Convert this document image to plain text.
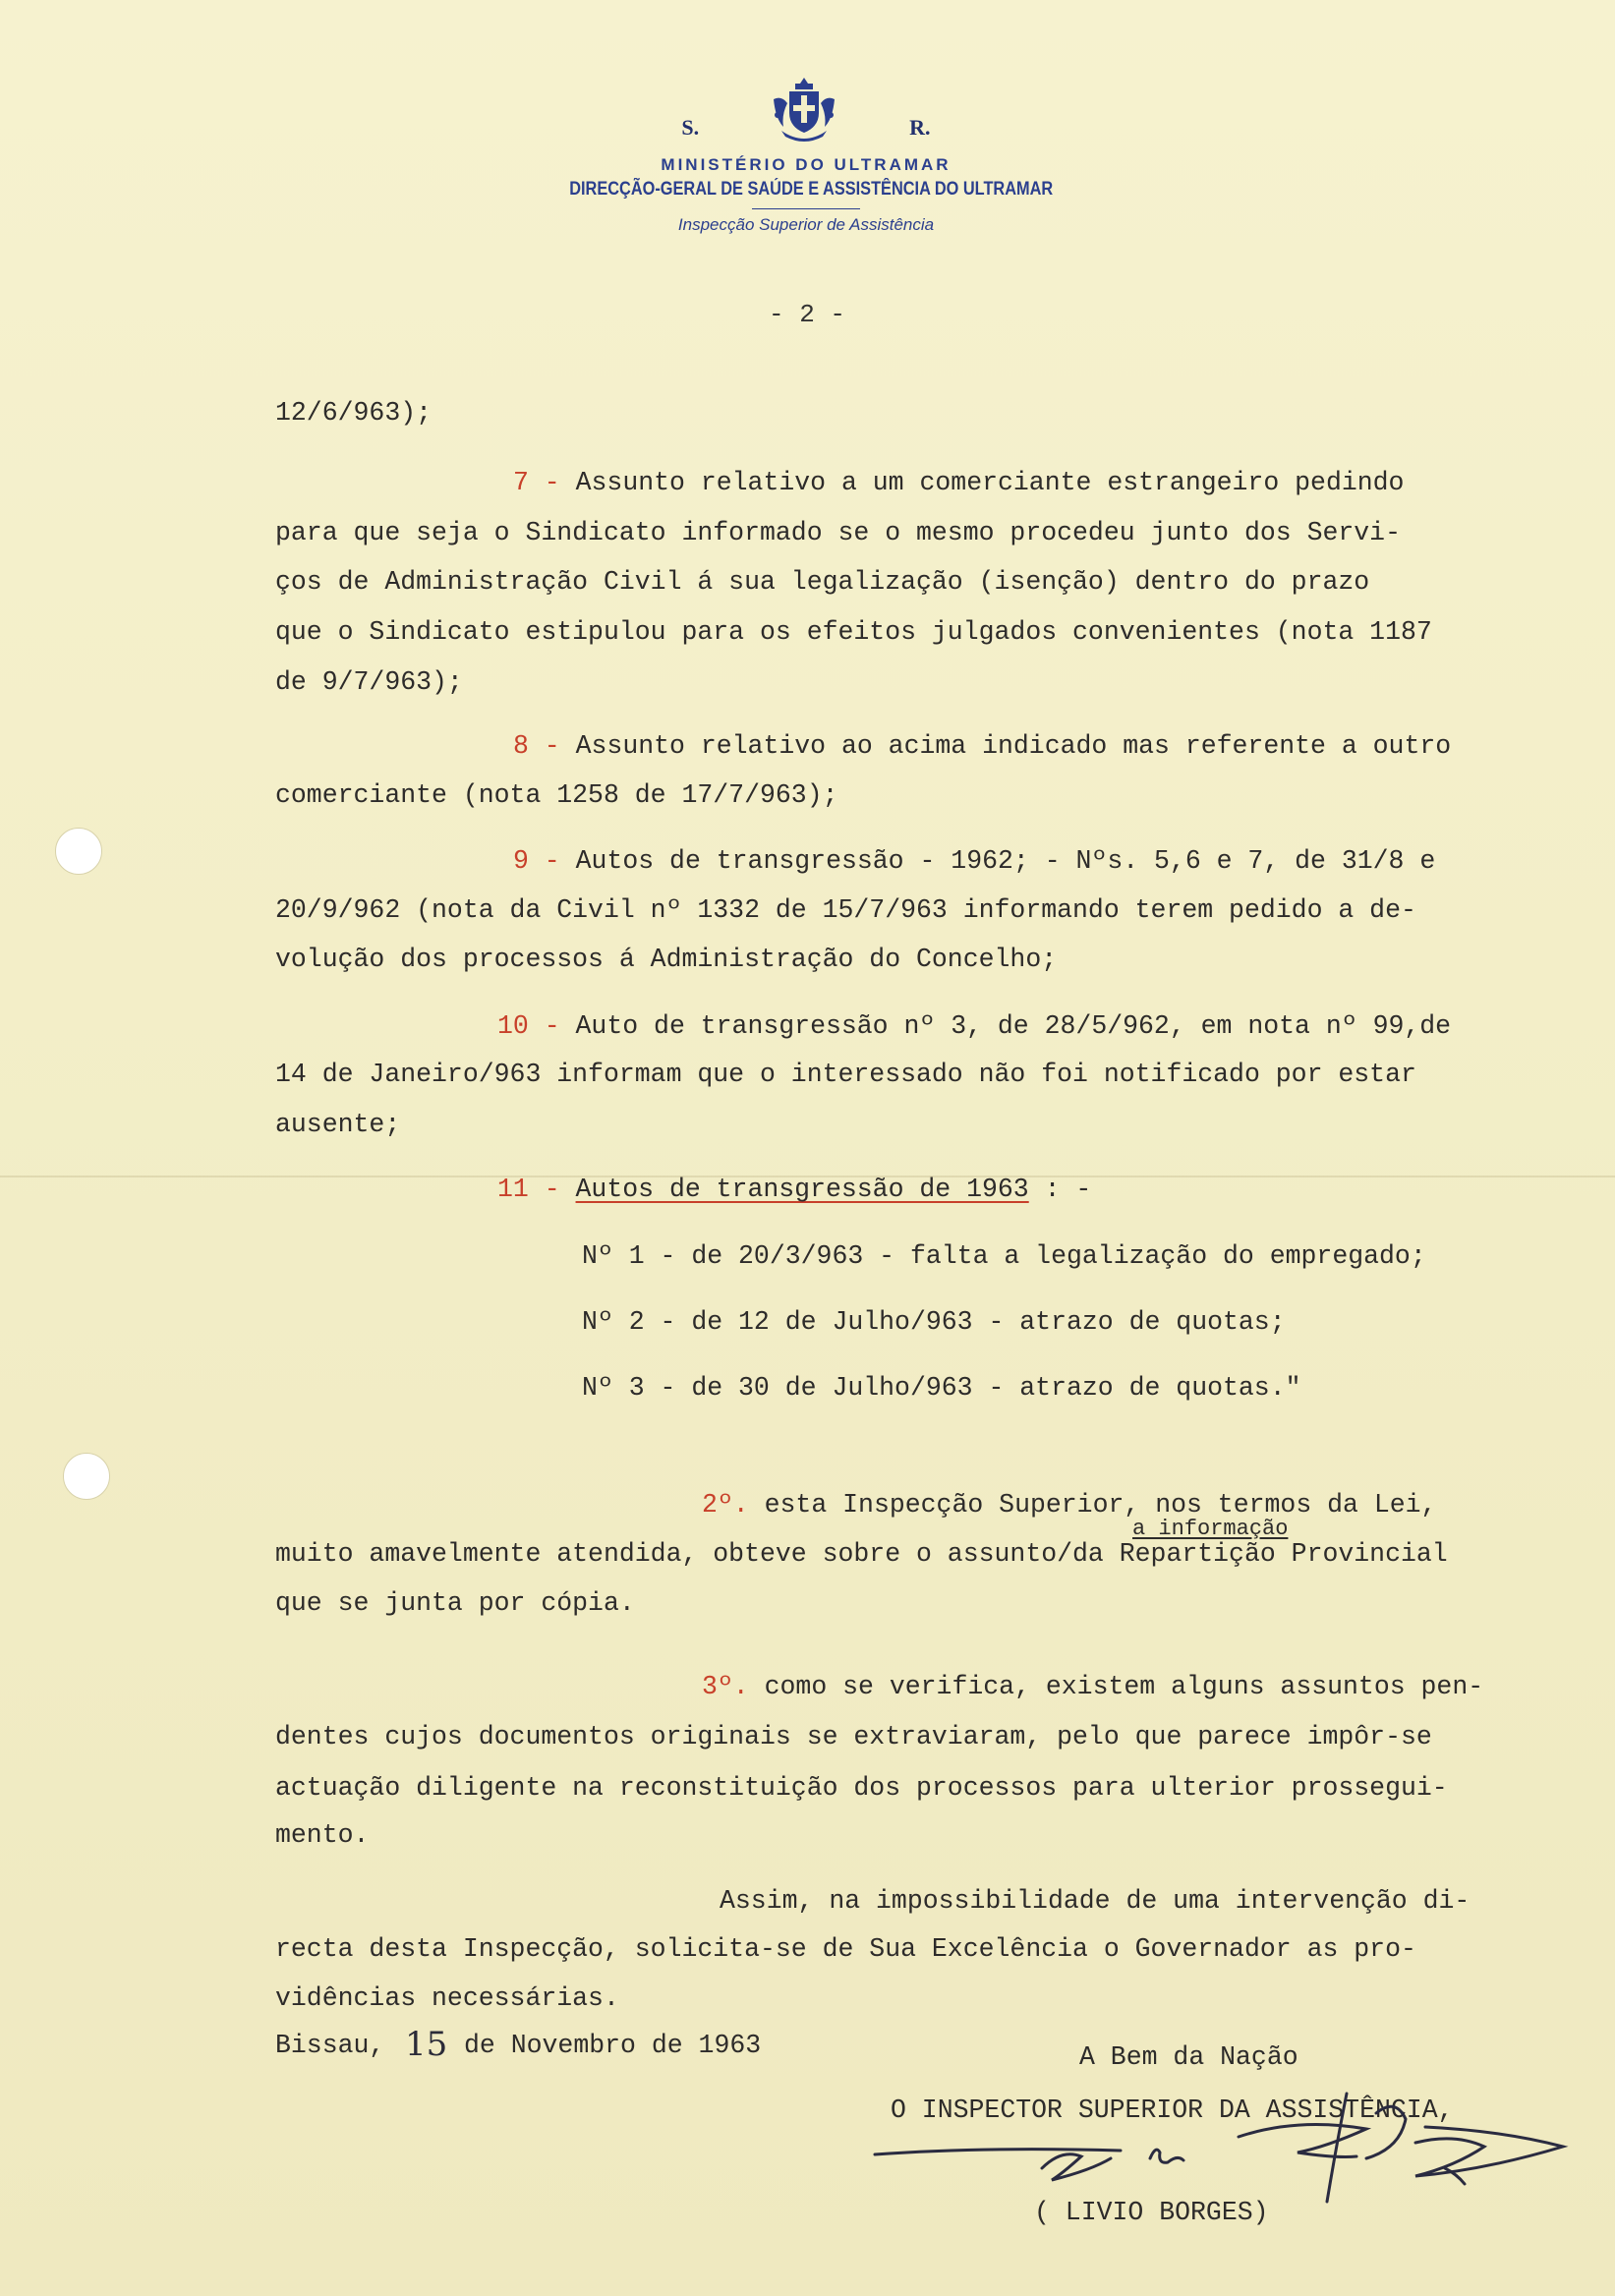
S.	R.
MINISTÉRIO DO ULTRAMAR
DIRECÇÃO-GERAL DE SAÚDE E ASSISTÊNCIA DO ULTRAMAR
Inspecção Superior de Assistência
- 2 -
12/6/963);
7 - Assunto relativo a um comerciante estrangeiro pedindo
para que seja o Sindicato informado se o mesmo procedeu junto dos Servi-
ços de Administração Civil á sua legalização (isenção) dentro do prazo
que o Sindicato estipulou para os efeitos julgados convenientes (nota 1187
de 9/7/963);
8 - Assunto relativo ao acima indicado mas referente a outro
comerciante (nota 1258 de 17/7/963);
9 - Autos de transgressão - 1962; - Nºs. 5,6 e 7, de 31/8 e
20/9/962 (nota da Civil nº 1332 de 15/7/963 informando terem pedido a de-
volução dos processos á Administração do Concelho;
10 - Auto de transgressão nº 3, de 28/5/962, em nota nº 99,de
14 de Janeiro/963 informam que o interessado não foi notificado por estar
ausente;
11 - Autos de transgressão de 1963 : -
Nº 1 - de 20/3/963 - falta a legalização do empregado;
Nº 2 - de 12 de Julho/963 - atrazo de quotas;
Nº 3 - de 30 de Julho/963 - atrazo de quotas."
2º. esta Inspecção Superior, nos termos da Lei,
a informação
muito amavelmente atendida, obteve sobre o assunto/da Repartição Provincial
que se junta por cópia.
3º. como se verifica, existem alguns assuntos pen-
dentes cujos documentos originais se extraviaram, pelo que parece impôr-se
actuação diligente na reconstituição dos processos para ulterior prossegui-
mento.
Assim, na impossibilidade de uma intervenção di-
recta desta Inspecção, solicita-se de Sua Excelência o Governador as pro-
vidências necessárias.
Bissau, 15 de Novembro de 1963	A Bem da Nação
O INSPECTOR SUPERIOR DA ASSISTÊNCIA,
( LIVIO BORGES)
